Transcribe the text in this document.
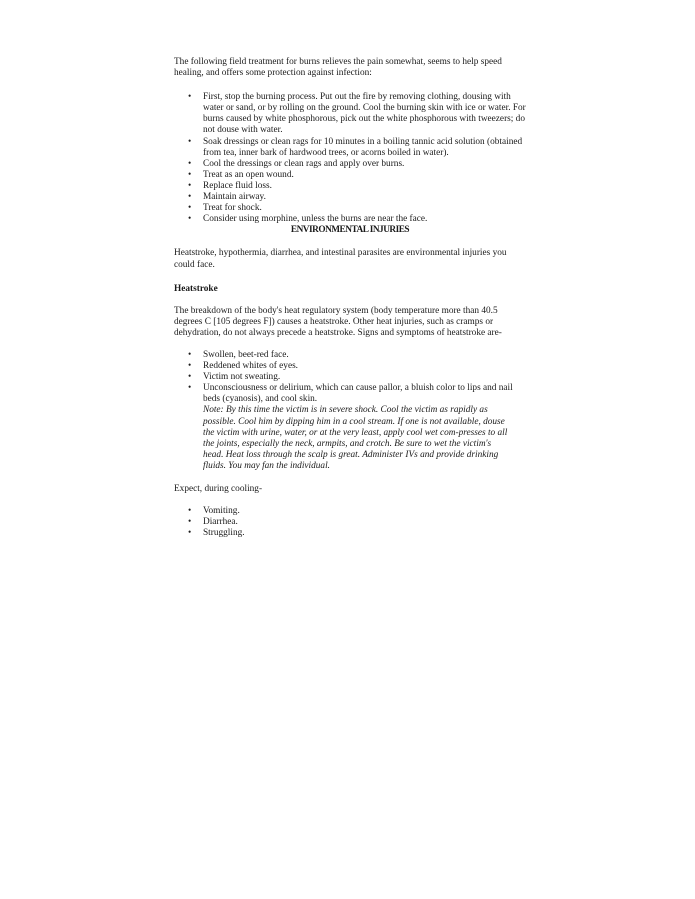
The following field treatment for burns relieves the pain somewhat, seems to help speed healing, and offers some protection against infection:

• First, stop the burning process. Put out the fire by removing clothing, dousing with water or sand, or by rolling on the ground. Cool the burning skin with ice or water. For burns caused by white phosphorous, pick out the white phosphorous with tweezers; do not douse with water.
• Soak dressings or clean rags for 10 minutes in a boiling tannic acid solution (obtained from tea, inner bark of hardwood trees, or acorns boiled in water).
• Cool the dressings or clean rags and apply over burns.
• Treat as an open wound.
• Replace fluid loss.
• Maintain airway.
• Treat for shock.
• Consider using morphine, unless the burns are near the face.

ENVIRONMENTAL INJURIES

Heatstroke, hypothermia, diarrhea, and intestinal parasites are environmental injuries you could face.

Heatstroke

The breakdown of the body's heat regulatory system (body temperature more than 40.5 degrees C [105 degrees F]) causes a heatstroke. Other heat injuries, such as cramps or dehydration, do not always precede a heatstroke. Signs and symptoms of heatstroke are-

• Swollen, beet-red face.
• Reddened whites of eyes.
• Victim not sweating.
• Unconsciousness or delirium, which can cause pallor, a bluish color to lips and nail beds (cyanosis), and cool skin.

Note: By this time the victim is in severe shock. Cool the victim as rapidly as possible. Cool him by dipping him in a cool stream. If one is not available, douse the victim with urine, water, or at the very least, apply cool wet com-presses to all the joints, especially the neck, armpits, and crotch. Be sure to wet the victim's head. Heat loss through the scalp is great. Administer IVs and provide drinking fluids. You may fan the individual.

Expect, during cooling-

• Vomiting.
• Diarrhea.
• Struggling.
